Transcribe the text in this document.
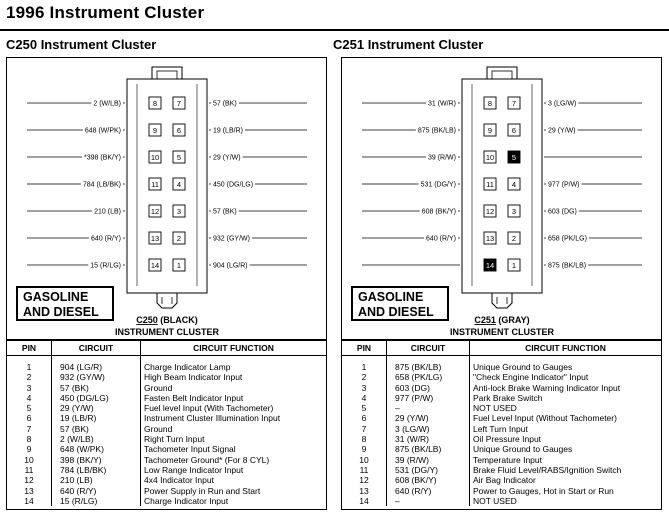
1996 Instrument Cluster
C250 Instrument Cluster	C251 Instrument Cluster
8
2 (W/LB)	7	57 (BK)
9
648 (W/PK)	6	19 (LB/R)
10
*398 (BK/Y)	5	29 (Y/W)
11
784 (LB/BK)	4	450 (DG/LG)
12
210 (LB)	3	57 (BK)
13
640 (R/Y)	2	932 (GY/W)
14
15 (R/LG)	1	904 (LG/R)
GASOLINE
AND DIESEL
C250 (BLACK)
INSTRUMENT CLUSTER
8
31 (W/R)	7	3 (LG/W)
9
875 (BK/LB)	6	29 (Y/W)
10
39 (R/W)	5
11
531 (DG/Y)	4	977 (P/W)
12
608 (BK/Y)	3	603 (DG)
13
640 (R/Y)	2	658 (PK/LG)
14 1	875 (BK/LB)
GASOLINE
AND DIESEL
C251 (GRAY)
INSTRUMENT CLUSTER
PIN	CIRCUIT	CIRCUIT FUNCTION
1	904 (LG/R)	Charge Indicator Lamp
2	932 (GY/W)	High Beam Indicator Input
3	57 (BK)	Ground
4	450 (DG/LG)	Fasten Belt Indicator Input
5	29 (Y/W)	Fuel level Input (With Tachometer)
6	19 (LB/R)	Instrument Cluster Illumination Input
7	57 (BK)	Ground
8	2 (W/LB)	Right Turn Input
9	648 (W/PK)	Tachometer Input Signal
10	398 (BK/Y)	Tachometer Ground* (For 8 CYL)
11	784 (LB/BK)	Low Range Indicator Input
12	210 (LB)	4x4 Indicator Input
13	640 (R/Y)	Power Supply in Run and Start
14	15 (R/LG)	Charge Indicator Input
PIN	CIRCUIT	CIRCUIT FUNCTION
1	875 (BK/LB)	Unique Ground to Gauges
2	658 (PK/LG)	"Check Engine Indicator" Input
3	603 (DG)	Anti-lock Brake Warning Indicator Input
4	977 (P/W)	Park Brake Switch
5	–	NOT USED
6	29 (Y/W)	Fuel Level Input (Without Tachometer)
7	3 (LG/W)	Left Turn Input
8	31 (W/R)	Oil Pressure Input
9	875 (BK/LB)	Unique Ground to Gauges
10	39 (R/W)	Temperature Input
11	531 (DG/Y)	Brake Fluid Level/RABS/Ignition Switch
12	608 (BK/Y)	Air Bag Indicator
13	640 (R/Y)	Power to Gauges, Hot in Start or Run
14	–	NOT USED
